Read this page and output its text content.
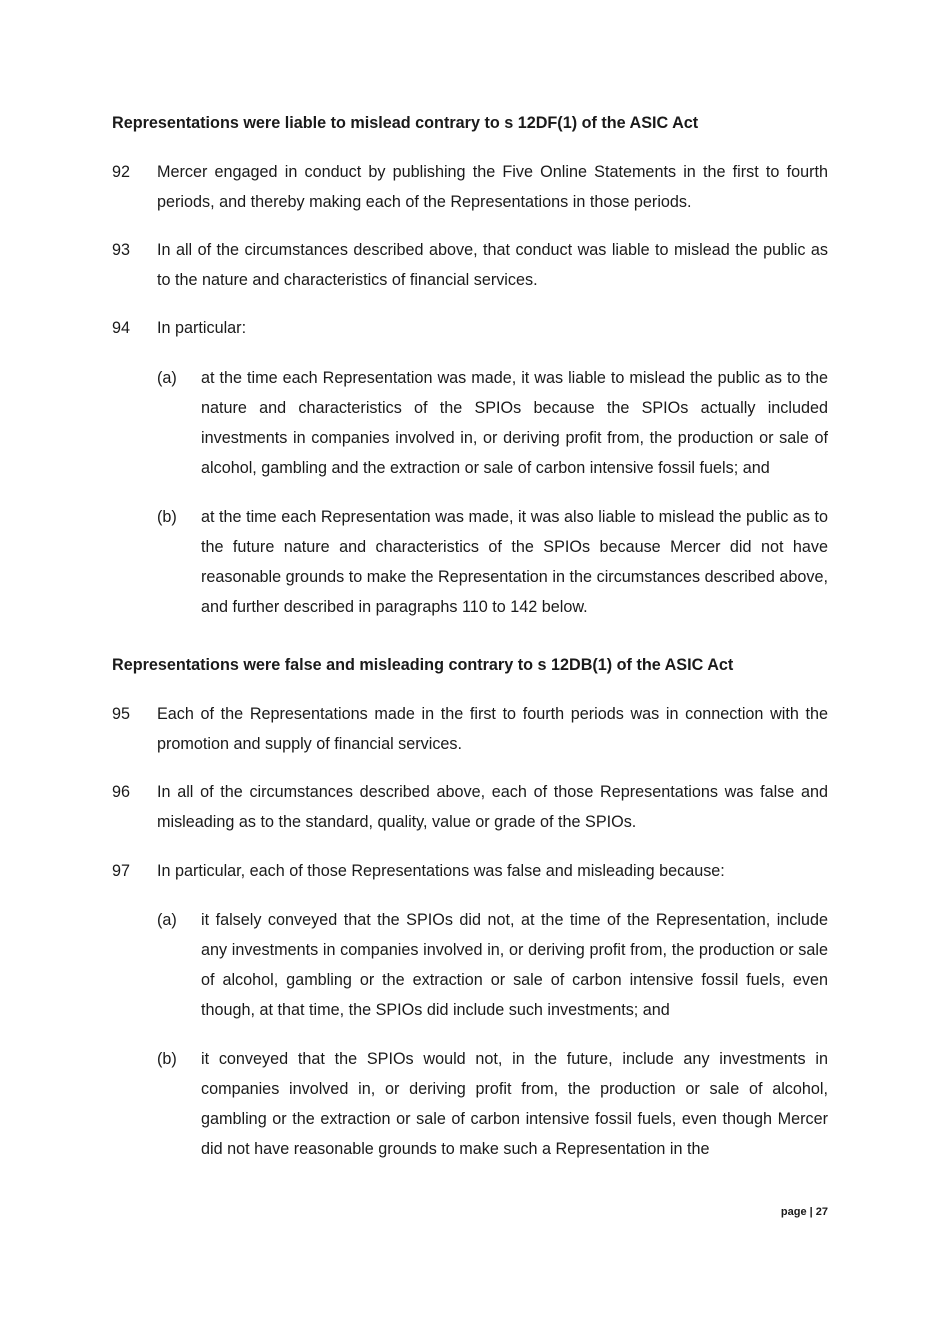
Representations were liable to mislead contrary to s 12DF(1) of the ASIC Act
92 Mercer engaged in conduct by publishing the Five Online Statements in the first to fourth periods, and thereby making each of the Representations in those periods.

93 In all of the circumstances described above, that conduct was liable to mislead the public as to the nature and characteristics of financial services.

94 In particular:

(a) at the time each Representation was made, it was liable to mislead the public as to the nature and characteristics of the SPIOs because the SPIOs actually included investments in companies involved in, or deriving profit from, the production or sale of alcohol, gambling and the extraction or sale of carbon intensive fossil fuels; and

(b) at the time each Representation was made, it was also liable to mislead the public as to the future nature and characteristics of the SPIOs because Mercer did not have reasonable grounds to make the Representation in the circumstances described above, and further described in paragraphs 110 to 142 below.

Representations were false and misleading contrary to s 12DB(1) of the ASIC Act
95 Each of the Representations made in the first to fourth periods was in connection with the promotion and supply of financial services.

96 In all of the circumstances described above, each of those Representations was false and misleading as to the standard, quality, value or grade of the SPIOs.

97 In particular, each of those Representations was false and misleading because:

(a) it falsely conveyed that the SPIOs did not, at the time of the Representation, include any investments in companies involved in, or deriving profit from, the production or sale of alcohol, gambling or the extraction or sale of carbon intensive fossil fuels, even though, at that time, the SPIOs did include such investments; and

(b) it conveyed that the SPIOs would not, in the future, include any investments in companies involved in, or deriving profit from, the production or sale of alcohol, gambling or the extraction or sale of carbon intensive fossil fuels, even though Mercer did not have reasonable grounds to make such a Representation in the

page | 27
